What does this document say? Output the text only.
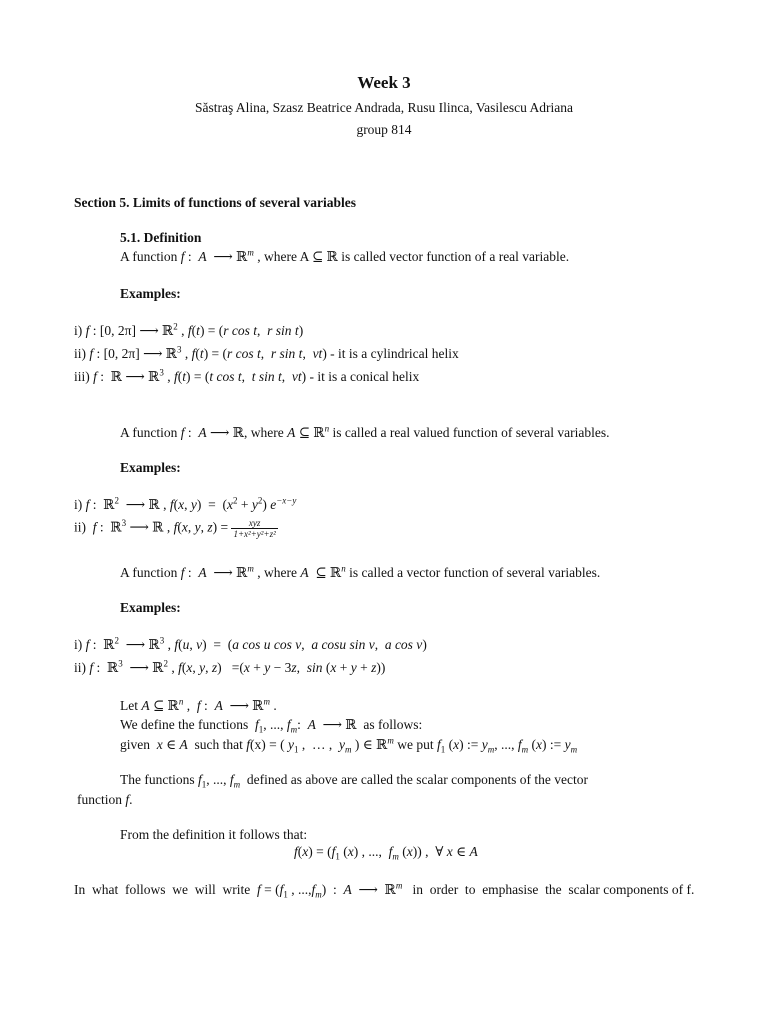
Week 3
Săstraş Alina, Szasz Beatrice Andrada, Rusu Ilinca, Vasilescu Adriana
group 814
Section 5. Limits of functions of several variables
5.1. Definition
A function f :  A  ⟶ ℝ$^m$ , where A ⊆ ℝ is called vector function of a real variable.
Examples:
i) f : [0, 2π] ⟶ ℝ$^2$ , f(t) = (r cos t,  r sin t)
ii) f : [0, 2π] ⟶ ℝ$^3$ , f(t) = (r cos t,  r sin t,  vt) - it is a cylindrical helix
iii) f :  ℝ ⟶ ℝ$^3$ , f(t) = (t cos t,  t sin t,  vt) - it is a conical helix
A function f :  A ⟶ ℝ, where A ⊆ ℝ$^n$ is called a real valued function of several variables.
Examples:
i) f :  ℝ$^2$  ⟶ ℝ , f(x, $y) = (x^2 + y^2)$ $e^{-x-y}$
ii)  f :  ℝ$^3$ ⟶ ℝ , f(x, y, $z) = \frac{\text{xyz}}{\text{1+x²+y²+z²}}$
A function f :  A  ⟶ ℝ$^m$ , where A  ⊆ ℝ$^n$ is called a vector function of several variables.
Examples:
i) f :  ℝ$^2$  ⟶ ℝ$^3$ , f(u, v)  =  (a cos u cos v,  a cosu sin v,  a cos v)
ii) f :  ℝ$^3$  ⟶ ℝ$^2$ , f(x, y, z)   =(x + y − 3z,  sin (x + y + z))
Let A ⊆ ℝ$^n$ ,  f :  A  ⟶ ℝ$^m$ .
We define the functions  $f_1$, ..., $f_m$:  A  ⟶ ℝ  as follows:
given  x ∈ A  such that f(x) = ( $y_1$ ,  … ,  $y_m$ ) ∈ ℝ$^m$ we put $f_1$ (x) := $y_m$, ..., $f_m$ (x) := $y_m$
The functions $f_1$, ..., $f_m$  defined as above are called the scalar components of the vector
function f.
From the definition it follows that:
$f(x) = (f_1$ (x) , ...,  $f_m$ (x)) ,  ∀ x ∈ A
In  what  follows  we  will  write  $f = (f_1$ , $...,f_m$)  :  A  ⟶  ℝ$^m$   in  order  to  emphasise  the  scalar components of f.
